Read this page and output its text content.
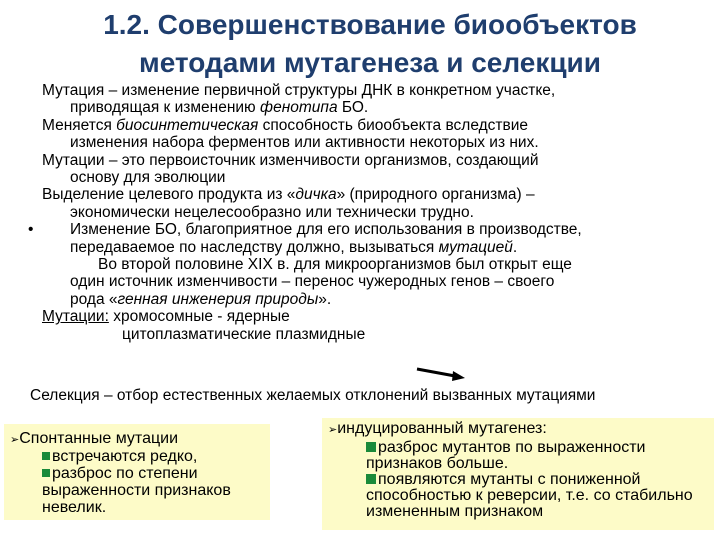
1.2. Совершенствование биообъектов
методами мутагенеза и селекции
Мутация – изменение первичной структуры ДНК в конкретном участке,
приводящая к изменению фенотипа БО.
Меняется биосинтетическая способность биообъекта вследствие
изменения набора ферментов или активности некоторых из них.
Мутации – это первоисточник изменчивости организмов, создающий
основу для эволюции
Выделение целевого продукта из «дичка» (природного организма) –
экономически нецелесообразно или технически трудно.
• Изменение БО, благоприятное для его использования в производстве,
передаваемое по наследству должно, вызываться мутацией.
Во второй половине XIX в. для микроорганизмов был открыт еще
один источник изменчивости – перенос чужеродных генов – своего
рода «генная инженерия природы».
Мутации: хромосомные - ядерные
цитоплазматические плазмидные
Селекция – отбор естественных желаемых отклонений вызванных мутациями
➢Спонтанные мутации
встречаются редко,
разброс по степени выраженности признаков невелик.
➢индуцированный мутагенез:
разброс мутантов по выраженности признаков больше.
появляются мутанты с пониженной способностью к реверсии, т.е. со стабильно измененным признаком
